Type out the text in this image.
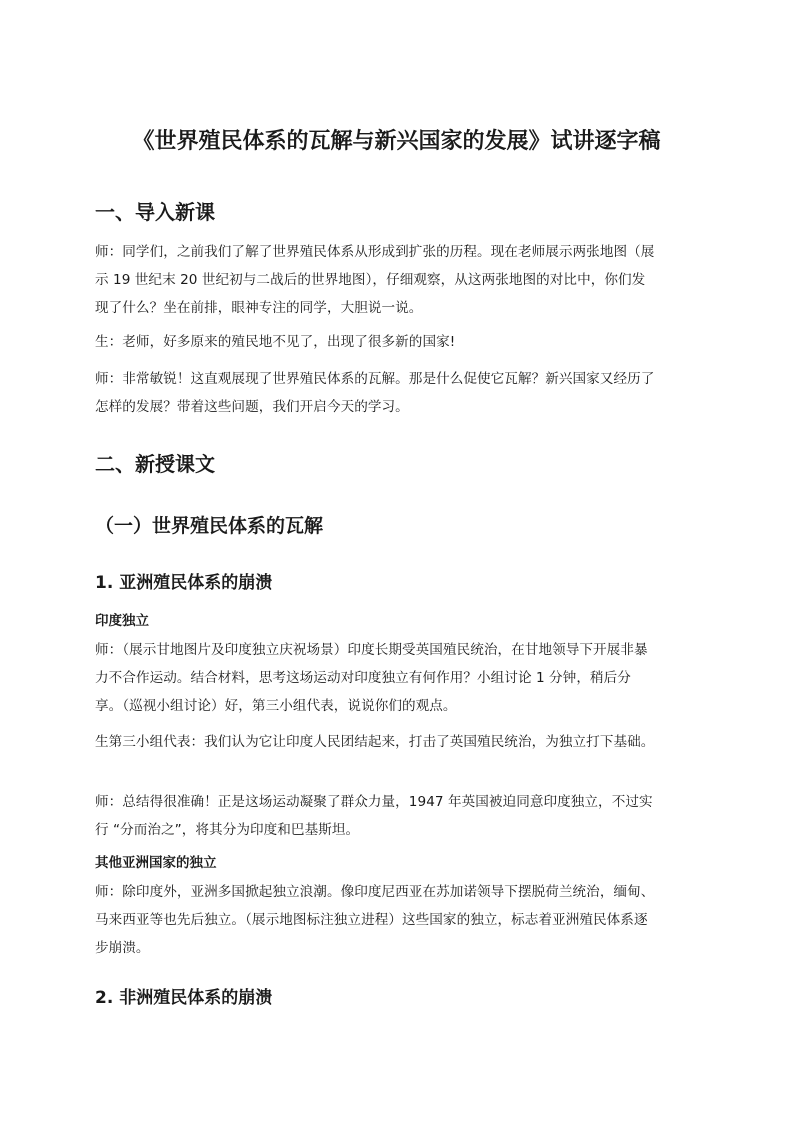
《世界殖民体系的瓦解与新兴国家的发展》试讲逐字稿
一、导入新课

师：同学们，之前我们了解了世界殖民体系从形成到扩张的历程。现在老师展示两张地图（展
示 19 世纪末 20 世纪初与二战后的世界地图），仔细观察，从这两张地图的对比中，你们发
现了什么？坐在前排，眼神专注的同学，大胆说一说。

生：老师，好多原来的殖民地不见了，出现了很多新的国家!

师：非常敏锐！这直观展现了世界殖民体系的瓦解。那是什么促使它瓦解？新兴国家又经历了
怎样的发展？带着这些问题，我们开启今天的学习。

二、新授课文
（一）世界殖民体系的瓦解
1. 亚洲殖民体系的崩溃
印度独立

师：（展示甘地图片及印度独立庆祝场景）印度长期受英国殖民统治，在甘地领导下开展非暴
力不合作运动。结合材料，思考这场运动对印度独立有何作用？小组讨论 1 分钟，稍后分
享。（巡视小组讨论）好，第三小组代表，说说你们的观点。

生第三小组代表：我们认为它让印度人民团结起来，打击了英国殖民统治，为独立打下基础。

师：总结得很准确！正是这场运动凝聚了群众力量，1947 年英国被迫同意印度独立，不过实
行 “分而治之”，将其分为印度和巴基斯坦。

其他亚洲国家的独立

师：除印度外，亚洲多国掀起独立浪潮。像印度尼西亚在苏加诺领导下摆脱荷兰统治，缅甸、
马来西亚等也先后独立。（展示地图标注独立进程）这些国家的独立，标志着亚洲殖民体系逐
步崩溃。

2. 非洲殖民体系的崩溃
